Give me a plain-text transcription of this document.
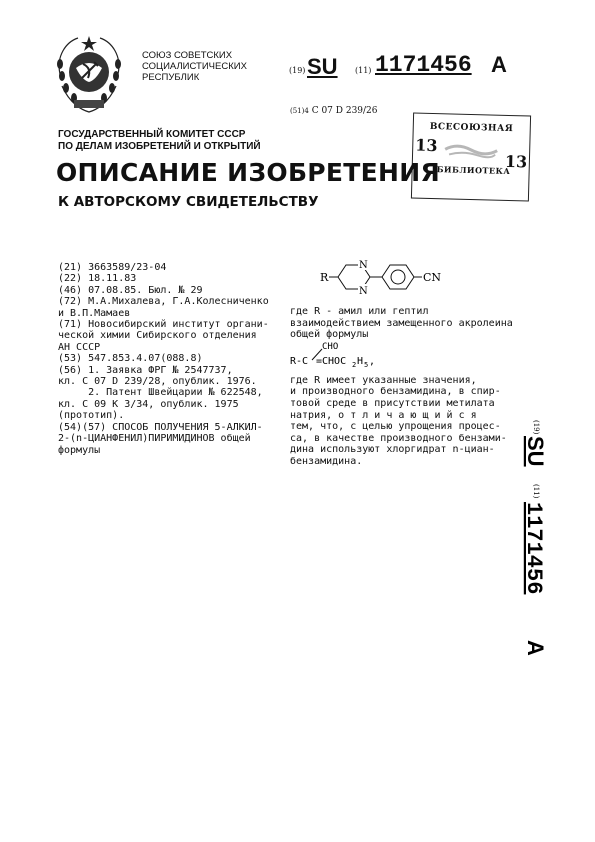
СОЮЗ СОВЕТСКИХ
СОЦИАЛИСТИЧЕСКИХ
РЕСПУБЛИК
(19) SU (11) 1171456 A
(51)4 C 07 D 239/26
ВСЕСОЮЗНАЯ
13
13
БИБЛИОТЕКА
ГОСУДАРСТВЕННЫЙ КОМИТЕТ СССР
ПО ДЕЛАМ ИЗОБРЕТЕНИЙ И ОТКРЫТИЙ
ОПИСАНИЕ ИЗОБРЕТЕНИЯ
К АВТОРСКОМУ СВИДЕТЕЛЬСТВУ
(21) 3663589/23-04
(22) 18.11.83
(46) 07.08.85. Бюл. № 29
(72) М.А.Михалева, Г.А.Колесниченко
и В.П.Мамаев
(71) Новосибирский институт органи-
ческой химии Сибирского отделения
АН СССР
(53) 547.853.4.07(088.8)
(56) 1. Заявка ФРГ № 2547737,
кл. С 07 D 239/28, опублик. 1976.
2. Патент Швейцарии № 622548,
кл. С 09 К 3/34, опублик. 1975
(прототип).
(54)(57) СПОСОБ ПОЛУЧЕНИЯ 5-АЛКИЛ-
2-(n-ЦИАНФЕНИЛ)ПИРИМИДИНОВ общей
формулы
R
N
N
CN
где R - амил или гептил
взаимодействием замещенного акролеина
общей формулы
где R имеет указанные значения,
и производного бензамидина, в спир-
товой среде в присутствии метилата
натрия, о т л и ч а ю щ и й с я
тем, что, с целью упрощения процес-
са, в качестве производного бензами-
дина используют хлоргидрат n-циан-
бензамидина.
CHO
R-C =CHOC 2 H 5 ,
(19)
SU
(11)
1171456
A
